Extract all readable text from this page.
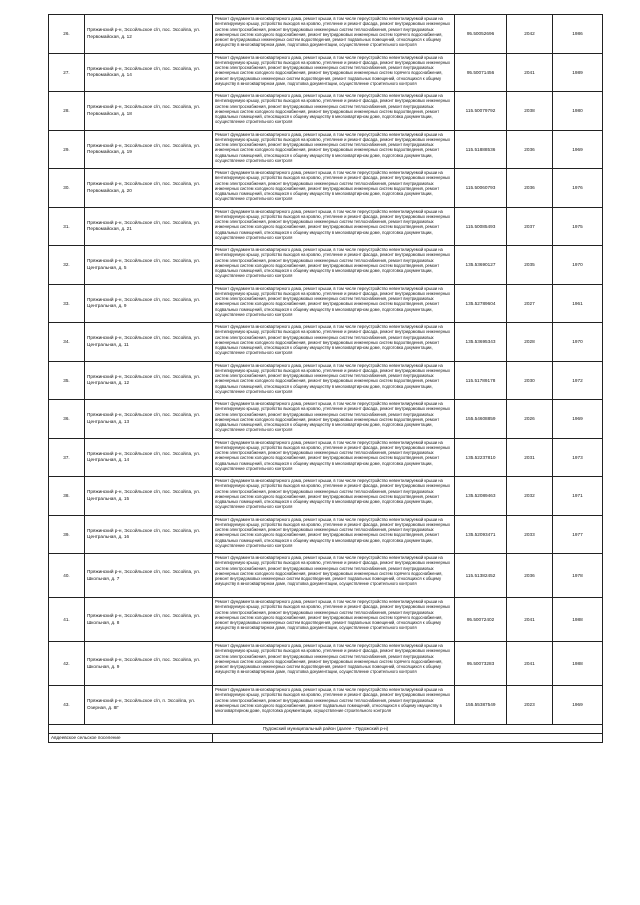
26.	Пряжинский р-н, Эссойльское с/п, пос. Эссойла, ул. Первомайская, д. 12	Ремонт фундамента многоквартирного дома, ремонт крыши, в том числе переустройство невентилируемой крыши на вентилируемую крышу, устройство выходов на кровлю, утепление и ремонт фасада, ремонт внутридомовых инженерных систем электроснабжения, ремонт внутридомовых инженерных систем теплоснабжения, ремонт внутридомовых инженерных систем холодного водоснабжения, ремонт внутридомовых инженерных систем горячего водоснабжения, ремонт внутридомовых инженерных систем водоотведения, ремонт подвальных помещений, относящихся к общему имуществу в многоквартирном доме, подготовка документации, осуществление строительного контроля	95.50052696	2042	1986
27.	Пряжинский р-н, Эссойльское с/п, пос. Эссойла, ул. Первомайская, д. 14	Ремонт фундамента многоквартирного дома, ремонт крыши, в том числе переустройство невентилируемой крыши на вентилируемую крышу, устройство выходов на кровлю, утепление и ремонт фасада, ремонт внутридомовых инженерных систем электроснабжения, ремонт внутридомовых инженерных систем теплоснабжения, ремонт внутридомовых инженерных систем холодного водоснабжения, ремонт внутридомовых инженерных систем горячего водоснабжения, ремонт внутридомовых инженерных систем водоотведения, ремонт подвальных помещений, относящихся к общему имуществу в многоквартирном доме, подготовка документации, осуществление строительного контроля	95.50071456	2041	1989
28.	Пряжинский р-н, Эссойльское с/п, пос. Эссойла, ул. Первомайская, д. 18	Ремонт фундамента многоквартирного дома, ремонт крыши, в том числе переустройство невентилируемой крыши на вентилируемую крышу, устройство выходов на кровлю, утепление и ремонт фасада, ремонт внутридомовых инженерных систем электроснабжения, ремонт внутридомовых инженерных систем теплоснабжения, ремонт внутридомовых инженерных систем холодного водоснабжения, ремонт внутридомовых инженерных систем водоотведения, ремонт подвальных помещений, относящихся к общему имуществу в многоквартирном доме, подготовка документации, осуществление строительного контроля	115.50079792	2038	1980
29.	Пряжинский р-н, Эссойльское с/п, пос. Эссойла, ул. Первомайская, д. 19	Ремонт фундамента многоквартирного дома, ремонт крыши, в том числе переустройство невентилируемой крыши на вентилируемую крышу, устройство выходов на кровлю, утепление и ремонт фасада, ремонт внутридомовых инженерных систем электроснабжения, ремонт внутридомовых инженерных систем теплоснабжения, ремонт внутридомовых инженерных систем холодного водоснабжения, ремонт внутридомовых инженерных систем водоотведения, ремонт подвальных помещений, относящихся к общему имуществу в многоквартирном доме, подготовка документации, осуществление строительного контроля	115.51888536	2036	1969
30.	Пряжинский р-н, Эссойльское с/п, пос. Эссойла, ул. Первомайская, д. 20	Ремонт фундамента многоквартирного дома, ремонт крыши, в том числе переустройство невентилируемой крыши на вентилируемую крышу, устройство выходов на кровлю, утепление и ремонт фасада, ремонт внутридомовых инженерных систем электроснабжения, ремонт внутридомовых инженерных систем теплоснабжения, ремонт внутридомовых инженерных систем холодного водоснабжения, ремонт внутридомовых инженерных систем водоотведения, ремонт подвальных помещений, относящихся к общему имуществу в многоквартирном доме, подготовка документации, осуществление строительного контроля	115.50060793	2036	1976
31.	Пряжинский р-н, Эссойльское с/п, пос. Эссойла, ул. Первомайская, д. 21	Ремонт фундамента многоквартирного дома, ремонт крыши, в том числе переустройство невентилируемой крыши на вентилируемую крышу, устройство выходов на кровлю, утепление и ремонт фасада, ремонт внутридомовых инженерных систем электроснабжения, ремонт внутридомовых инженерных систем теплоснабжения, ремонт внутридомовых инженерных систем холодного водоснабжения, ремонт внутридомовых инженерных систем водоотведения, ремонт подвальных помещений, относящихся к общему имуществу в многоквартирном доме, подготовка документации, осуществление строительного контроля	115.50085493	2037	1975
32.	Пряжинский р-н, Эссойльское с/п, пос. Эссойла, ул. Центральная, д. 5	Ремонт фундамента многоквартирного дома, ремонт крыши, в том числе переустройство невентилируемой крыши на вентилируемую крышу, устройство выходов на кровлю, утепление и ремонт фасада, ремонт внутридомовых инженерных систем электроснабжения, ремонт внутридомовых инженерных систем теплоснабжения, ремонт внутридомовых инженерных систем холодного водоснабжения, ремонт внутридомовых инженерных систем водоотведения, ремонт подвальных помещений, относящихся к общему имуществу в многоквартирном доме, подготовка документации, осуществление строительного контроля	135.53690127	2035	1970
33.	Пряжинский р-н, Эссойльское с/п, пос. Эссойла, ул. Центральная, д. 9	Ремонт фундамента многоквартирного дома, ремонт крыши, в том числе переустройство невентилируемой крыши на вентилируемую крышу, устройство выходов на кровлю, утепление и ремонт фасада, ремонт внутридомовых инженерных систем электроснабжения, ремонт внутридомовых инженерных систем теплоснабжения, ремонт внутридомовых инженерных систем холодного водоснабжения, ремонт внутридомовых инженерных систем водоотведения, ремонт подвальных помещений, относящихся к общему имуществу в многоквартирном доме, подготовка документации, осуществление строительного контроля	135.52789604	2027	1961
34.	Пряжинский р-н, Эссойльское с/п, пос. Эссойла, ул. Центральная, д. 11	Ремонт фундамента многоквартирного дома, ремонт крыши, в том числе переустройство невентилируемой крыши на вентилируемую крышу, устройство выходов на кровлю, утепление и ремонт фасада, ремонт внутридомовых инженерных систем электроснабжения, ремонт внутридомовых инженерных систем теплоснабжения, ремонт внутридомовых инженерных систем холодного водоснабжения, ремонт внутридомовых инженерных систем водоотведения, ремонт подвальных помещений, относящихся к общему имуществу в многоквартирном доме, подготовка документации, осуществление строительного контроля	135.53695343	2028	1970
35.	Пряжинский р-н, Эссойльское с/п, пос. Эссойла, ул. Центральная, д. 12	Ремонт фундамента многоквартирного дома, ремонт крыши, в том числе переустройство невентилируемой крыши на вентилируемую крышу, устройство выходов на кровлю, утепление и ремонт фасада, ремонт внутридомовых инженерных систем электроснабжения, ремонт внутридомовых инженерных систем теплоснабжения, ремонт внутридомовых инженерных систем холодного водоснабжения, ремонт внутридомовых инженерных систем водоотведения, ремонт подвальных помещений, относящихся к общему имуществу в многоквартирном доме, подготовка документации, осуществление строительного контроля	115.51789178	2030	1972
36.	Пряжинский р-н, Эссойльское с/п, пос. Эссойла, ул. Центральная, д. 13	Ремонт фундамента многоквартирного дома, ремонт крыши, в том числе переустройство невентилируемой крыши на вентилируемую крышу, устройство выходов на кровлю, утепление и ремонт фасада, ремонт внутридомовых инженерных систем электроснабжения, ремонт внутридомовых инженерных систем теплоснабжения, ремонт внутридомовых инженерных систем холодного водоснабжения, ремонт внутридомовых инженерных систем водоотведения, ремонт подвальных помещений, относящихся к общему имуществу в многоквартирном доме, подготовка документации, осуществление строительного контроля	155.54608859	2026	1969
37.	Пряжинский р-н, Эссойльское с/п, пос. Эссойла, ул. Центральная, д. 14	Ремонт фундамента многоквартирного дома, ремонт крыши, в том числе переустройство невентилируемой крыши на вентилируемую крышу, устройство выходов на кровлю, утепление и ремонт фасада, ремонт внутридомовых инженерных систем электроснабжения, ремонт внутридомовых инженерных систем теплоснабжения, ремонт внутридомовых инженерных систем холодного водоснабжения, ремонт внутридомовых инженерных систем водоотведения, ремонт подвальных помещений, относящихся к общему имуществу в многоквартирном доме, подготовка документации, осуществление строительного контроля	135.52237810	2031	1973
38.	Пряжинский р-н, Эссойльское с/п, пос. Эссойла, ул. Центральная, д. 15	Ремонт фундамента многоквартирного дома, ремонт крыши, в том числе переустройство невентилируемой крыши на вентилируемую крышу, устройство выходов на кровлю, утепление и ремонт фасада, ремонт внутридомовых инженерных систем электроснабжения, ремонт внутридомовых инженерных систем теплоснабжения, ремонт внутридомовых инженерных систем холодного водоснабжения, ремонт внутридомовых инженерных систем водоотведения, ремонт подвальных помещений, относящихся к общему имуществу в многоквартирном доме, подготовка документации, осуществление строительного контроля	135.52089463	2032	1971
39.	Пряжинский р-н, Эссойльское с/п, пос. Эссойла, ул. Центральная, д. 16	Ремонт фундамента многоквартирного дома, ремонт крыши, в том числе переустройство невентилируемой крыши на вентилируемую крышу, устройство выходов на кровлю, утепление и ремонт фасада, ремонт внутридомовых инженерных систем электроснабжения, ремонт внутридомовых инженерных систем теплоснабжения, ремонт внутридомовых инженерных систем холодного водоснабжения, ремонт внутридомовых инженерных систем водоотведения, ремонт подвальных помещений, относящихся к общему имуществу в многоквартирном доме, подготовка документации, осуществление строительного контроля	135.52093471	2033	1977
40.	Пряжинский р-н, Эссойльское с/п, пос. Эссойла, ул. Школьная, д. 7	Ремонт фундамента многоквартирного дома, ремонт крыши, в том числе переустройство невентилируемой крыши на вентилируемую крышу, устройство выходов на кровлю, утепление и ремонт фасада, ремонт внутридомовых инженерных систем электроснабжения, ремонт внутридомовых инженерных систем теплоснабжения, ремонт внутридомовых инженерных систем холодного водоснабжения, ремонт внутридомовых инженерных систем горячего водоснабжения, ремонт внутридомовых инженерных систем водоотведения, ремонт подвальных помещений, относящихся к общему имуществу в многоквартирном доме, подготовка документации, осуществление строительного контроля	115.51382452	2036	1978
41.	Пряжинский р-н, Эссойльское с/п, пос. Эссойла, ул. Школьная, д. 8	Ремонт фундамента многоквартирного дома, ремонт крыши, в том числе переустройство невентилируемой крыши на вентилируемую крышу, устройство выходов на кровлю, утепление и ремонт фасада, ремонт внутридомовых инженерных систем электроснабжения, ремонт внутридомовых инженерных систем теплоснабжения, ремонт внутридомовых инженерных систем холодного водоснабжения, ремонт внутридомовых инженерных систем горячего водоснабжения, ремонт внутридомовых инженерных систем водоотведения, ремонт подвальных помещений, относящихся к общему имуществу в многоквартирном доме, подготовка документации, осуществление строительного контроля	95.50072402	2041	1988
42.	Пряжинский р-н, Эссойльское с/п, пос. Эссойла, ул. Школьная, д. 9	Ремонт фундамента многоквартирного дома, ремонт крыши, в том числе переустройство невентилируемой крыши на вентилируемую крышу, устройство выходов на кровлю, утепление и ремонт фасада, ремонт внутридомовых инженерных систем электроснабжения, ремонт внутридомовых инженерных систем теплоснабжения, ремонт внутридомовых инженерных систем холодного водоснабжения, ремонт внутридомовых инженерных систем горячего водоснабжения, ремонт внутридомовых инженерных систем водоотведения, ремонт подвальных помещений, относящихся к общему имуществу в многоквартирном доме, подготовка документации, осуществление строительного контроля	95.50073283	2041	1988
43.	Пряжинский р-н, Эссойльское с/п, п. Эссойла, ул. Озерная, д. 8Г	Ремонт фундамента многоквартирного дома, ремонт крыши, в том числе переустройство невентилируемой крыши на вентилируемую крышу, устройство выходов на кровлю, утепление и ремонт фасада, ремонт внутридомовых инженерных систем электроснабжения, ремонт внутридомовых инженерных систем теплоснабжения, ремонт внутридомовых инженерных систем холодного водоснабжения, ремонт подвальных помещений, относящихся к общему имуществу в многоквартирном доме, подготовка документации, осуществление строительного контроля	155.55387549	2023	1969
Пудожский муниципальный район (далее - Пудожский р-н)					
Авдеевское сельское поселение					
